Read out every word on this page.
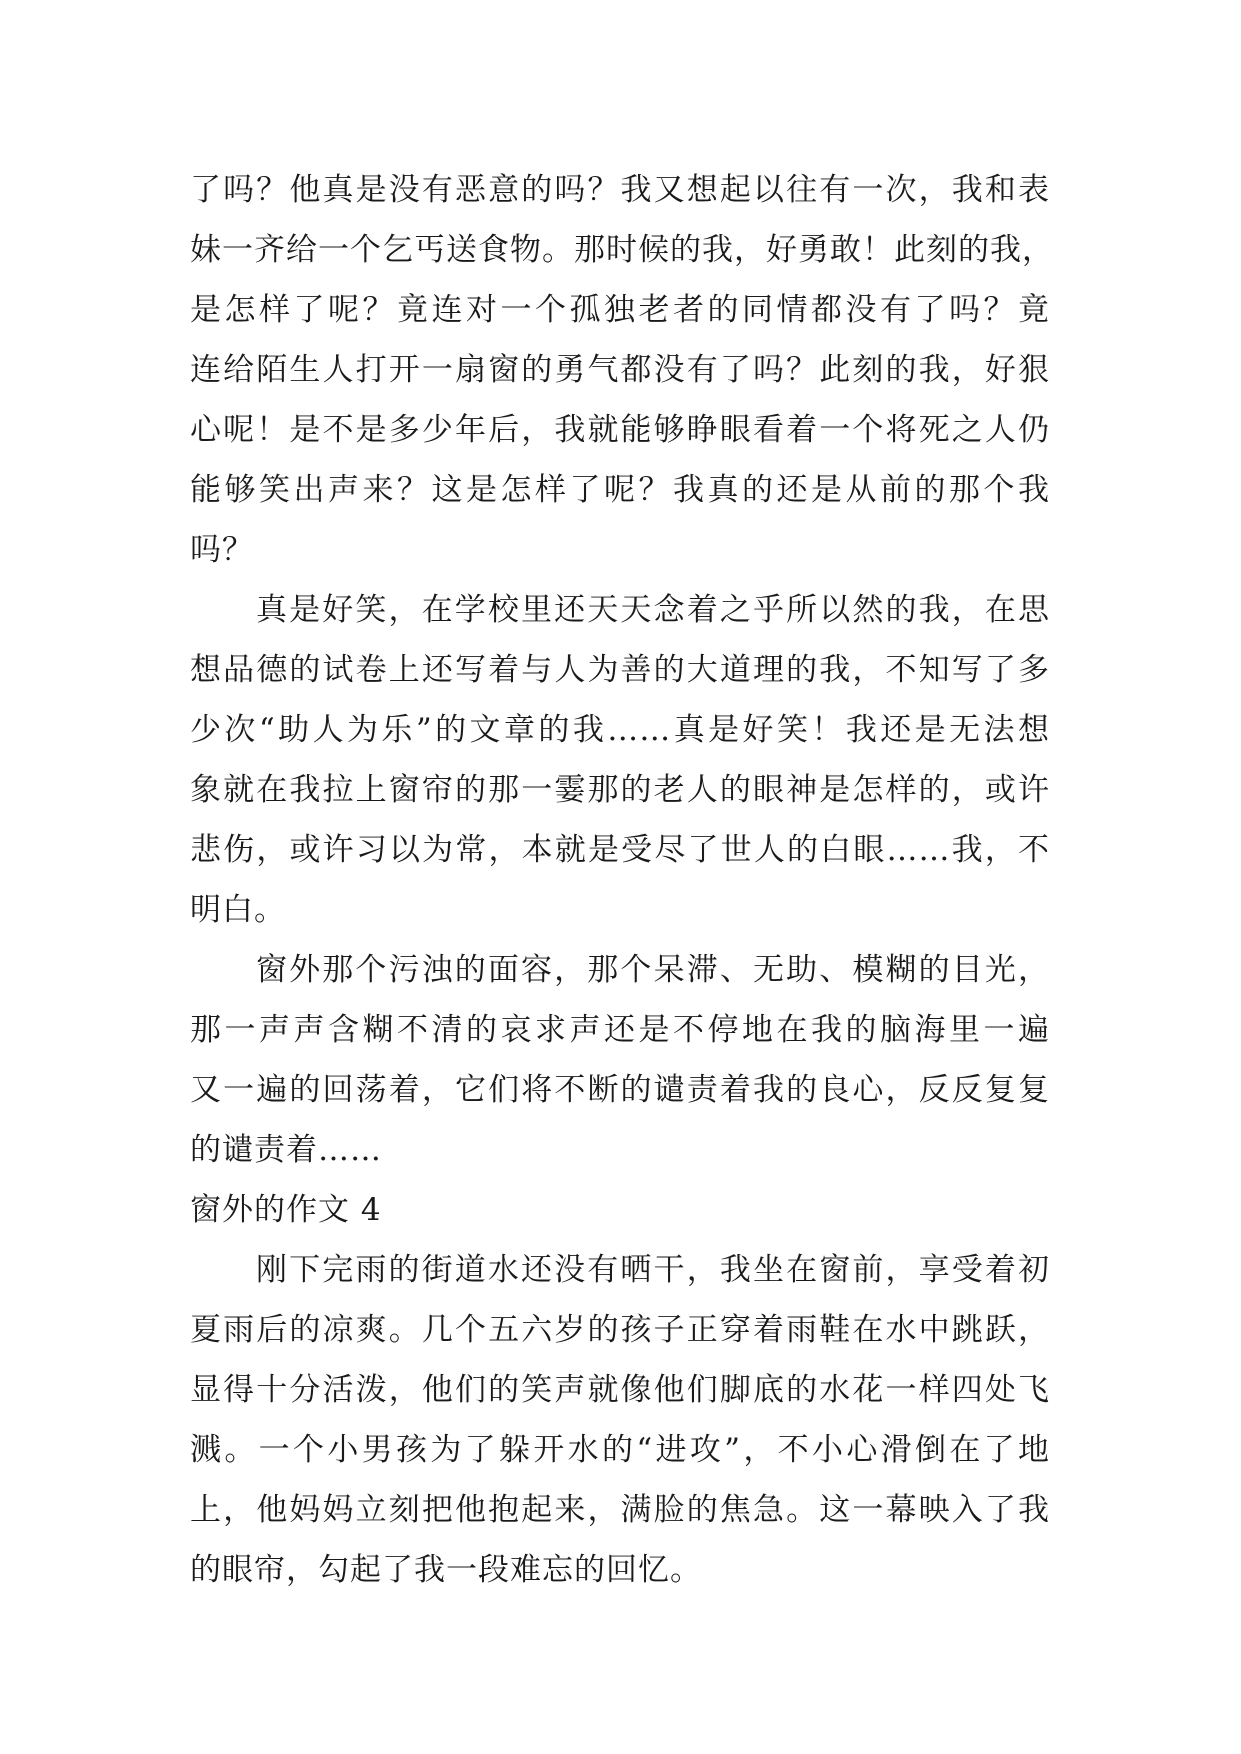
了吗？他真是没有恶意的吗？我又想起以往有一次，我和表
妹一齐给一个乞丐送食物。那时候的我，好勇敢！此刻的我，
是怎样了呢？竟连对一个孤独老者的同情都没有了吗？竟
连给陌生人打开一扇窗的勇气都没有了吗？此刻的我，好狠
心呢！是不是多少年后，我就能够睁眼看着一个将死之人仍
能够笑出声来？这是怎样了呢？我真的还是从前的那个我
吗？
真是好笑，在学校里还天天念着之乎所以然的我，在思
想品德的试卷上还写着与人为善的大道理的我，不知写了多
少次“助人为乐”的文章的我……真是好笑！我还是无法想
象就在我拉上窗帘的那一霎那的老人的眼神是怎样的，或许
悲伤，或许习以为常，本就是受尽了世人的白眼……我，不
明白。
窗外那个污浊的面容，那个呆滞、无助、模糊的目光，
那一声声含糊不清的哀求声还是不停地在我的脑海里一遍
又一遍的回荡着，它们将不断的谴责着我的良心，反反复复
的谴责着……
窗外的作文 4
刚下完雨的街道水还没有晒干，我坐在窗前，享受着初
夏雨后的凉爽。几个五六岁的孩子正穿着雨鞋在水中跳跃，
显得十分活泼，他们的笑声就像他们脚底的水花一样四处飞
溅。一个小男孩为了躲开水的“进攻”，不小心滑倒在了地
上，他妈妈立刻把他抱起来，满脸的焦急。这一幕映入了我
的眼帘，勾起了我一段难忘的回忆。
